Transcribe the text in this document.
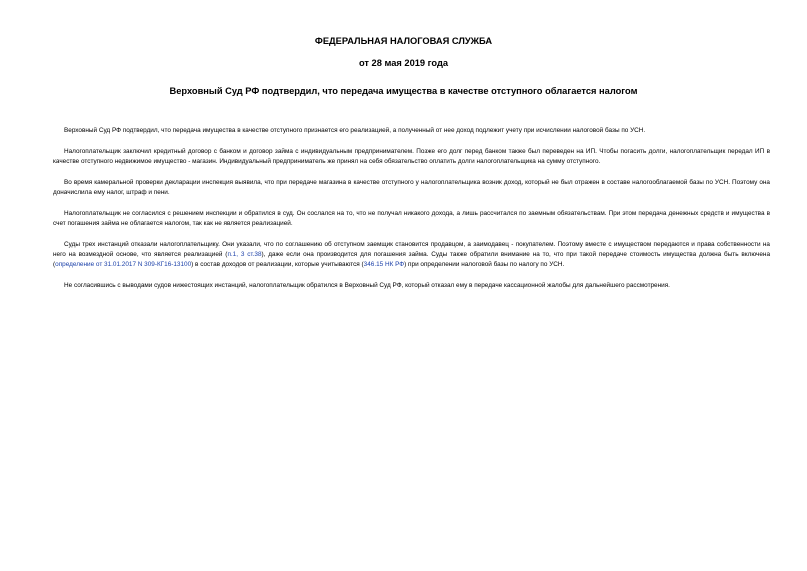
ФЕДЕРАЛЬНАЯ НАЛОГОВАЯ СЛУЖБА
от 28 мая 2019 года
Верховный Суд РФ подтвердил, что передача имущества в качестве отступного облагается налогом

Верховный Суд РФ подтвердил, что передача имущества в качестве отступного признается его реализацией, а полученный от нее доход подлежит учету при исчислении налоговой базы по УСН.

Налогоплательщик заключил кредитный договор с банком и договор займа с индивидуальным предпринимателем. Позже его долг перед банком также был переведен на ИП. Чтобы погасить долги, налогоплательщик передал ИП в качестве отступного недвижимое имущество - магазин. Индивидуальный предприниматель же принял на себя обязательство оплатить долги налогоплательщика на сумму отступного.

Во время камеральной проверки декларации инспекция выявила, что при передаче магазина в качестве отступного у налогоплательщика возник доход, который не был отражен в составе налогооблагаемой базы по УСН. Поэтому она доначислила ему налог, штраф и пени.

Налогоплательщик не согласился с решением инспекции и обратился в суд. Он сослался на то, что не получал никакого дохода, а лишь рассчитался по заемным обязательствам. При этом передача денежных средств и имущества в счет погашения займа не облагается налогом, так как не является реализацией.

Суды трех инстанций отказали налогоплательщику. Они указали, что по соглашению об отступном заемщик становится продавцом, а заимодавец - покупателем. Поэтому вместе с имуществом передаются и права собственности на него на возмездной основе, что является реализацией (п.1, 3 ст.38), даже если она производится для погашения займа. Суды также обратили внимание на то, что при такой передаче стоимость имущества должна быть включена (определение от 31.01.2017 N 309-КГ16-13100) в состав доходов от реализации, которые учитываются (346.15 НК РФ) при определении налоговой базы по налогу по УСН.

Не согласившись с выводами судов нижестоящих инстанций, налогоплательщик обратился в Верховный Суд РФ, который отказал ему в передаче кассационной жалобы для дальнейшего рассмотрения.
